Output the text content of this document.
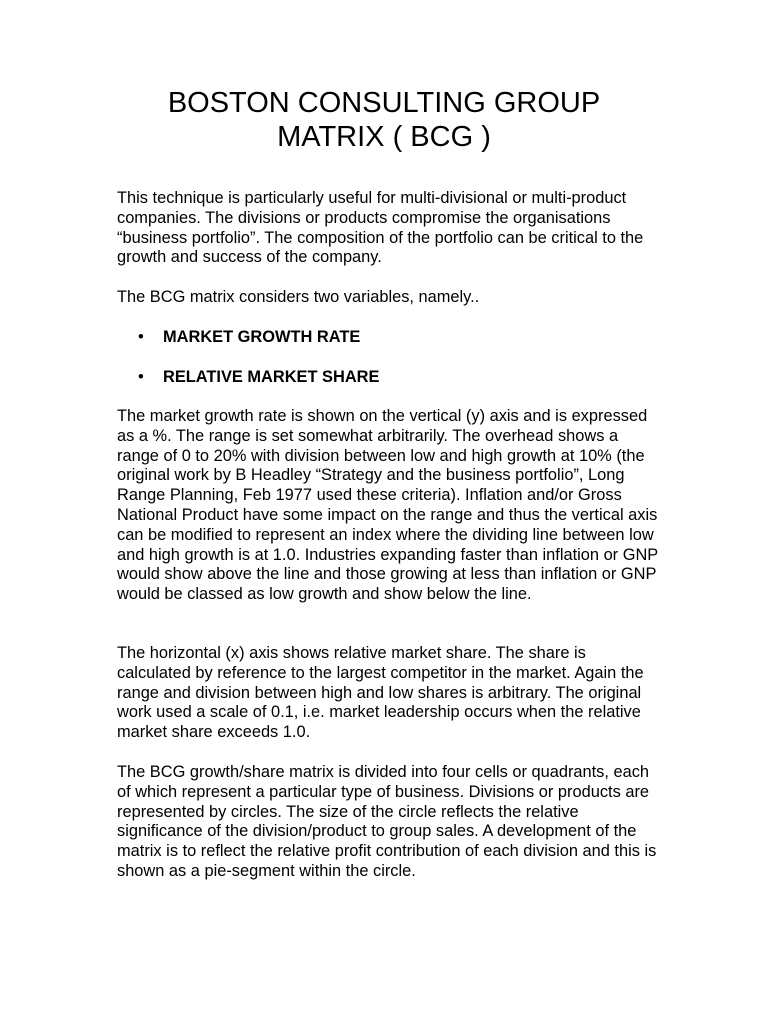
BOSTON CONSULTING GROUP
MATRIX ( BCG )

This technique is particularly useful for multi-divisional or multi-product companies. The divisions or products compromise the organisations “business portfolio”. The composition of the portfolio can be critical to the growth and success of the company.

The BCG matrix considers two variables, namely..

• MARKET GROWTH RATE
• RELATIVE MARKET SHARE

The market growth rate is shown on the vertical (y) axis and is expressed as a %. The range is set somewhat arbitrarily. The overhead shows a range of 0 to 20% with division between low and high growth at 10% (the original work by B Headley “Strategy and the business portfolio”, Long Range Planning, Feb 1977 used these criteria). Inflation and/or Gross National Product have some impact on the range and thus the vertical axis can be modified to represent an index where the dividing line between low and high growth is at 1.0. Industries expanding faster than inflation or GNP would show above the line and those growing at less than inflation or GNP would be classed as low growth and show below the line.

The horizontal (x) axis shows relative market share. The share is calculated by reference to the largest competitor in the market. Again the range and division between high and low shares is arbitrary. The original work used a scale of 0.1, i.e. market leadership occurs when the relative market share exceeds 1.0.

The BCG growth/share matrix is divided into four cells or quadrants, each of which represent a particular type of business. Divisions or products are represented by circles. The size of the circle reflects the relative significance of the division/product to group sales. A development of the matrix is to reflect the relative profit contribution of each division and this is shown as a pie-segment within the circle.
